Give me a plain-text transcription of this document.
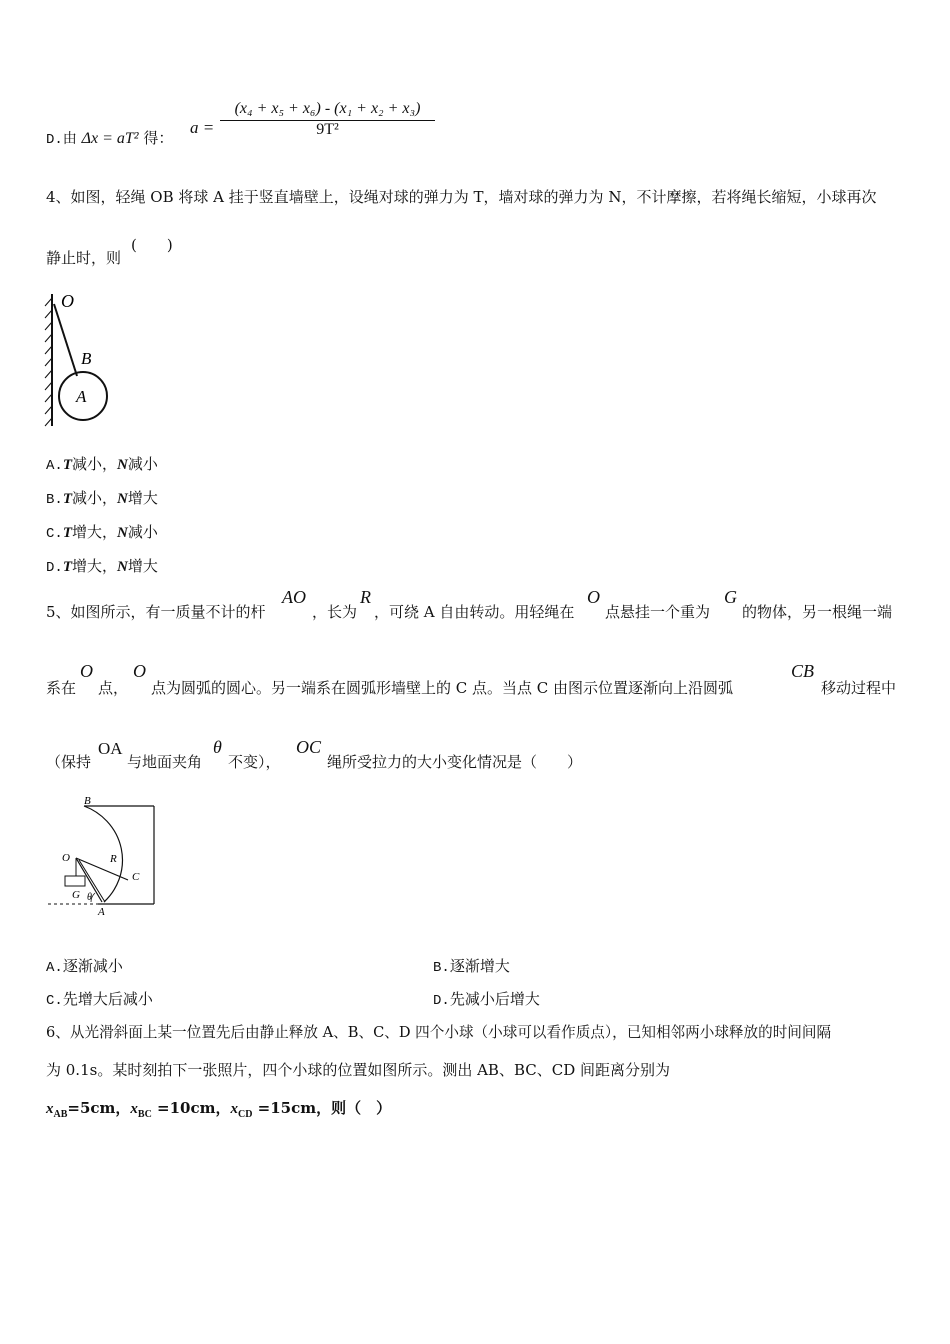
D.由 Δx = aT² 得：
$a = \frac{\text{(x₄ + x₅ + x₆) - (x₁ + x₂ + x₃)}}{\text{9T²}}$
4、如图，轻绳 OB 将球 A 挂于竖直墙壁上，设绳对球的弹力为 T，墙对球的弹力为 N，不计摩擦，若将绳长缩短，小球再次
静止时，则
(　　)
O
B
A
A.T减小，N减小
B.T减小，N增大
C.T增大，N减小
D.T增大，N增大
5、如图所示，有一质量不计的杆
AO
，长为
R
，可绕 A 自由转动。用轻绳在
O
点悬挂一个重为
G
的物体，另一根绳一端
系在
O
点，
O
点为圆弧的圆心。另一端系在圆弧形墙壁上的 C 点。当点 C 由图示位置逐渐向上沿圆弧
CB
移动过程中
（保持
OA
与地面夹角
θ
不变），
OC
绳所受拉力的大小变化情况是（　　）
B
O	R
C
G θ
A
A.逐渐减小	B.逐渐增大
C.先增大后减小	D.先减小后增大
6、从光滑斜面上某一位置先后由静止释放 A、B、C、D 四个小球（小球可以看作质点），已知相邻两小球释放的时间间隔
为 0.1s。某时刻拍下一张照片，四个小球的位置如图所示。测出 AB、BC、CD 间距离分别为
$x_{AB}=5cm$，$x_{BC} =10cm$，$x_{CD} =15cm$，则（　）
